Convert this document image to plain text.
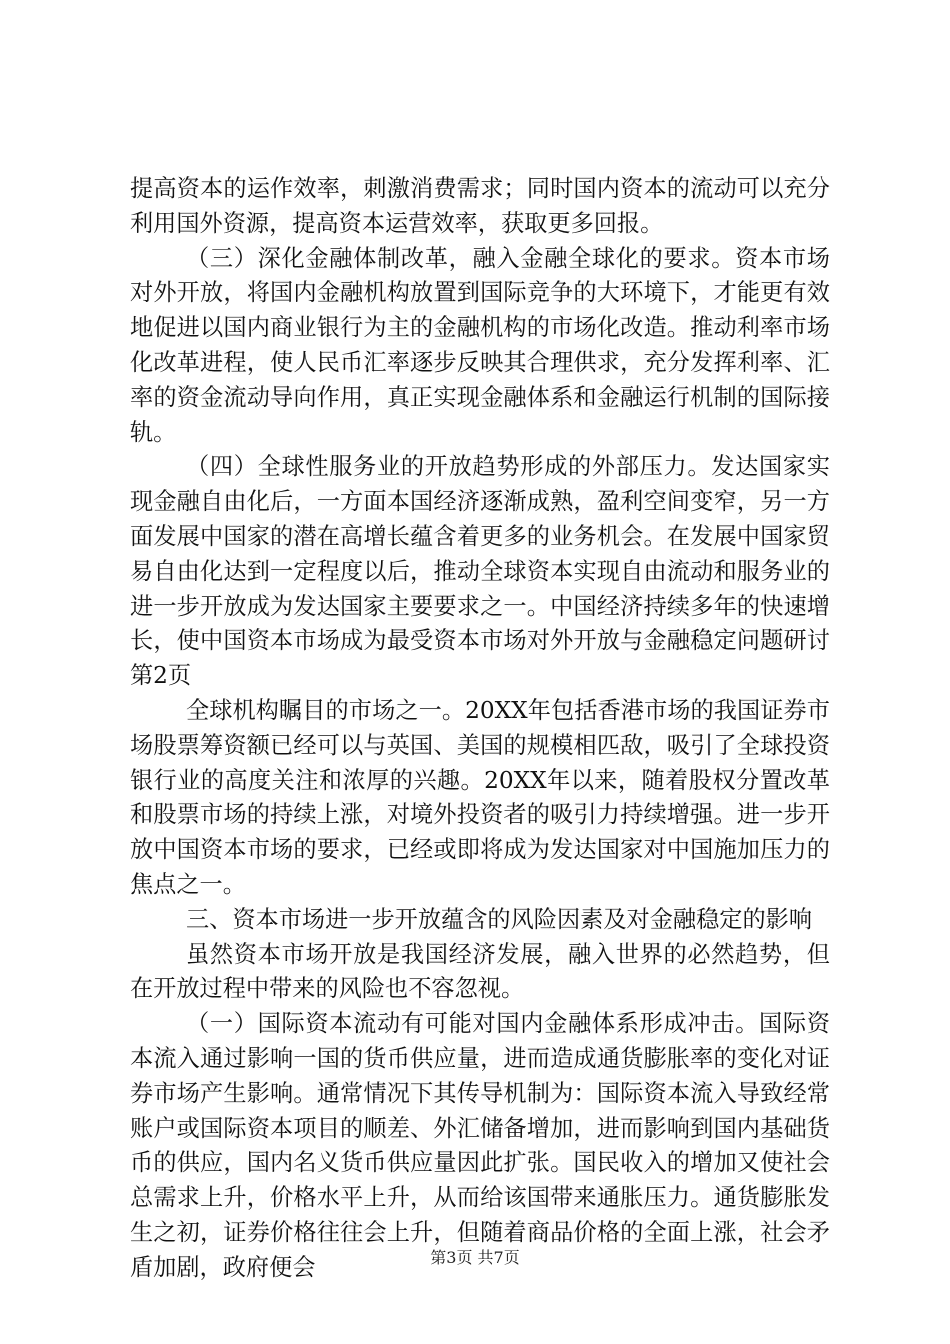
提高资本的运作效率，刺激消费需求；同时国内资本的流动可以充分利用国外资源，提高资本运营效率，获取更多回报。

（三）深化金融体制改革，融入金融全球化的要求。资本市场对外开放，将国内金融机构放置到国际竞争的大环境下，才能更有效地促进以国内商业银行为主的金融机构的市场化改造。推动利率市场化改革进程，使人民币汇率逐步反映其合理供求，充分发挥利率、汇率的资金流动导向作用，真正实现金融体系和金融运行机制的国际接轨。

（四）全球性服务业的开放趋势形成的外部压力。发达国家实现金融自由化后，一方面本国经济逐渐成熟，盈利空间变窄，另一方面发展中国家的潜在高增长蕴含着更多的业务机会。在发展中国家贸易自由化达到一定程度以后，推动全球资本实现自由流动和服务业的进一步开放成为发达国家主要要求之一。中国经济持续多年的快速增长，使中国资本市场成为最受资本市场对外开放与金融稳定问题研讨第2页

全球机构瞩目的市场之一。20XX年包括香港市场的我国证券市场股票筹资额已经可以与英国、美国的规模相匹敌，吸引了全球投资银行业的高度关注和浓厚的兴趣。20XX年以来，随着股权分置改革和股票市场的持续上涨，对境外投资者的吸引力持续增强。进一步开放中国资本市场的要求，已经或即将成为发达国家对中国施加压力的焦点之一。

三、资本市场进一步开放蕴含的风险因素及对金融稳定的影响

虽然资本市场开放是我国经济发展，融入世界的必然趋势，但在开放过程中带来的风险也不容忽视。

（一）国际资本流动有可能对国内金融体系形成冲击。国际资本流入通过影响一国的货币供应量，进而造成通货膨胀率的变化对证券市场产生影响。通常情况下其传导机制为：国际资本流入导致经常账户或国际资本项目的顺差、外汇储备增加，进而影响到国内基础货币的供应，国内名义货币供应量因此扩张。国民收入的增加又使社会总需求上升，价格水平上升，从而给该国带来通胀压力。通货膨胀发生之初，证券价格往往会上升，但随着商品价格的全面上涨，社会矛盾加剧，政府便会	第3页 共7页
